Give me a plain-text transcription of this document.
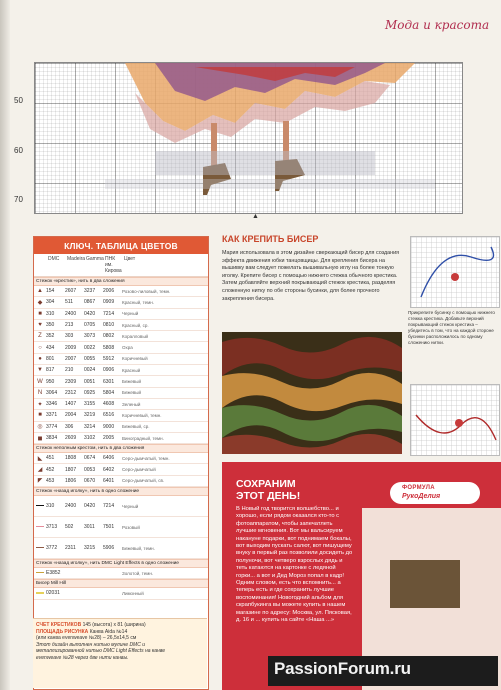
Мода и красота
50
60
70
▲
КЛЮЧ. ТАБЛИЦА ЦВЕТОВ
DMC	Madeira Gamma ПНК им. Кирова
Цвет
Стежок «крестик», нить в два сложения
▲ 154	2607	3237	2006	Розово-лиловый, темн.
◆ 304	511	0867	0909	Красный, темн.
■ 310	2400	0420	7214	Черный
♥ 350	213	0705	0810	Красный, ср.
Z 352	303	3073	0802	Коралловый
○ 434	2009	0022	5808	Охра
● 801	2007	0055	5912	Коричневый
▼ 817	210	0024	0906	Красный
W 950	2309	0051	6301	Бежевый
N 3064	2312	0925	5804	Бежевый
✦ 3346	1407	3155	4608	Зеленый
■ 3371	2004	3219	6516	Коричневый, темн.
◎ 3774	306	3214	9000	Бежевый, ср.
◼ 3834	2609	3102	2005	Виноградный, темн.
Стежок неполным крестом, нить в два сложения
◣ 451	1808	0674	6406	Серо-дымчатый, темн.
◢ 452	1807	0053	6402	Серо-дымчатый
◤ 453	1806	0670	6401	Серо-дымчатый, св.
Стежок «назад иголку», нить в одно сложение
310	2400	0420	7214	Черный
3713	502	3011	7501	Розовый
3772	2311	3215	5906	Бежевый, темн.
Стежок «назад иголку», нить DMC Light Effects в одно сложение
E3852	Золотой, темн.
Бисер Mill Hill
02031	Лимонный
СЧЕТ КРЕСТИКОВ 145 (высота) x 81 (ширина)
ПЛОЩАДЬ РИСУНКА Канва Aida №14
(или канва evenweave №28) – 26,5x14,5 см
Этот дизайн выполнен нитью мулине DMC и
металлизированной нитью DMC Light Effects на канве
evenweave №28 через две нити канвы.
КАК КРЕПИТЬ БИСЕР
Мария использовала в этом дизайне сверкающий бисер для создания эффекта движения юбки танцовщицы. Для крепления бисера на вышивку вам следует пожелать вышивальную иглу на более тонкую иголку. Крепите бисер с помощью нижнего стежка обычного крестика. Затем добавляйте верхний покрывающий стежок крестика, разделяя сложенную нитку по обе стороны бусинки, для более прочного закрепления бисера.
Прикрепите бусинку с помощью нижнего стежка крестика. Добавьте верхний покрывающий стежок крестика – убедитесь в том, что на каждой стороне бусинки расположилось по одному сложению нитки.
СОХРАНИМ
ЭТОТ ДЕНЬ!
В Новый год творится волшебство... и хорошо, если рядом оказался кто-то с фотоаппаратом, чтобы запечатлеть лучшие мгновения. Вот мы вальсируем накануне подарки, вот поднимаем бокалы, вот выходим пускать салют, вот пишущему внуку в первый раз позволили досидеть до полуночи, вот четверо взрослых дядь и теть катаются на картонке с ледяной горки... а вот и Дед Мороз попал в кадр! Одним словом, есть что вспомнить... а теперь есть и где сохранить лучшие воспоминания! Новогодний альбом для скрапбукинга вы можете купить в нашем магазине по адресу: Москва, ул. Пясковая, д. 16 и ... купить на сайте «Наша ...»
ФОРМУЛА
РукоДелия
PassionForum.ru
